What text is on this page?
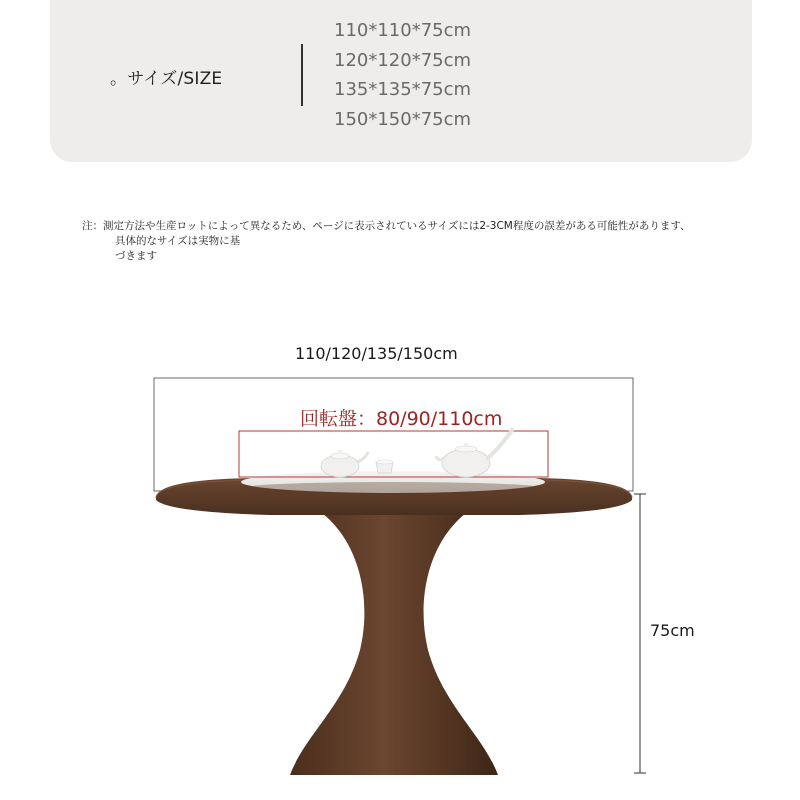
。サイズ/SIZE
110*110*75cm
120*120*75cm
135*135*75cm
150*150*75cm
注：測定方法や生産ロットによって異なるため、ページに表示されているサイズには2-3CM程度の誤差がある可能性があります、
具体的なサイズは実物に基
づきます
110/120/135/150cm
回転盤：80/90/110cm
75cm
